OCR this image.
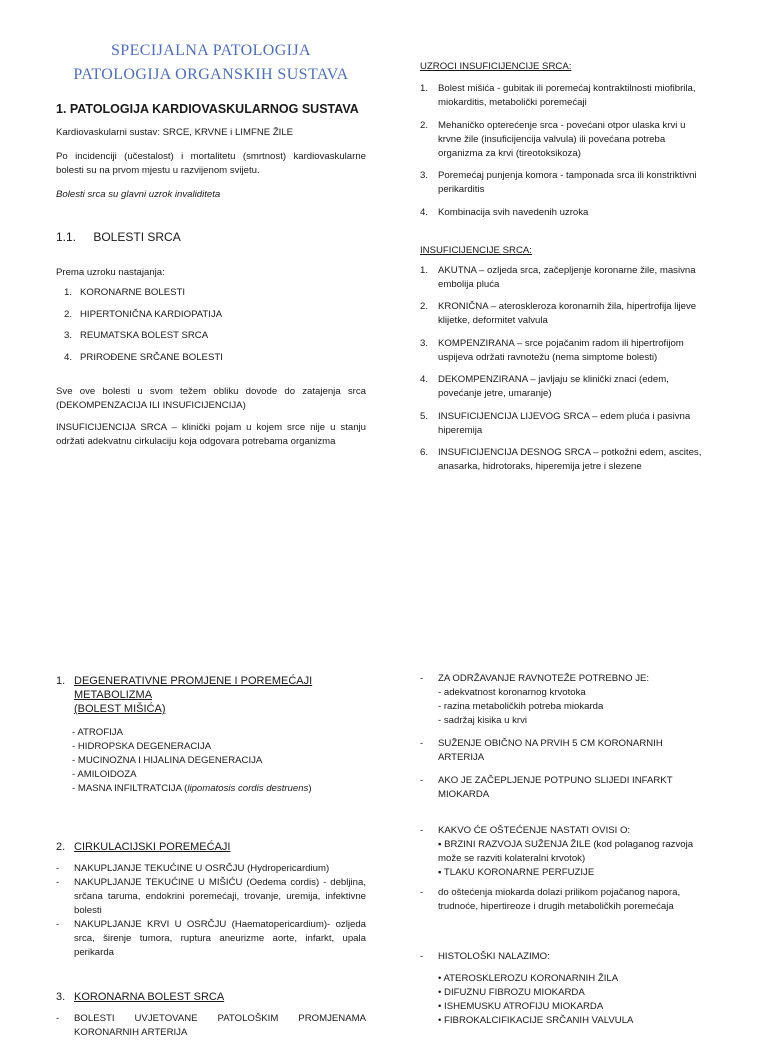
SPECIJALNA PATOLOGIJA
PATOLOGIJA ORGANSKIH SUSTAVA
1. PATOLOGIJA KARDIOVASKULARNOG SUSTAVA
Kardiovaskularni sustav: SRCE, KRVNE i LIMFNE ŽILE
Po incidenciji (učestalost) i mortalitetu (smrtnost) kardiovaskularne bolesti su na prvom mjestu u razvijenom svijetu.
Bolesti srca su glavni uzrok invaliditeta
1.1. BOLESTI SRCA
Prema uzroku nastajanja:
1. KORONARNE BOLESTI
2. HIPERTONIČNA KARDIOPATIJA
3. REUMATSKA BOLEST SRCA
4. PRIROĐENE SRČANE BOLESTI
Sve ove bolesti u svom težem obliku dovode do zatajenja srca (DEKOMPENZACIJA ILI INSUFICIJENCIJA)
INSUFICIJENCIJA SRCA – klinički pojam u kojem srce nije u stanju održati adekvatnu cirkulaciju koja odgovara potrebama organizma
UZROCI INSUFICIJENCIJE SRCA:
1. Bolest mišića - gubitak ili poremećaj kontraktilnosti miofibrila, miokarditis, metabolički poremećaji
2. Mehaničko opterećenje srca - povećani otpor ulaska krvi u krvne žile (insuficijencija valvula) ili povećana potreba organizma za krvi (tireotoksikoza)
3. Poremećaj punjenja komora - tamponada srca ili konstriktivni perikarditis
4. Kombinacija svih navedenih uzroka
INSUFICIJENCIJE SRCA:
1. AKUTNA – ozljeda srca, začepljenje koronarne žile, masivna embolija pluća
2. KRONIČNA – ateroskleroza koronarnih žila, hipertrofija lijeve klijetke, deformitet valvula
3. KOMPENZIRANA – srce pojačanim radom ili hipertrofijom uspijeva održati ravnotežu (nema simptome bolesti)
4. DEKOMPENZIRANA – javljaju se klinički znaci (edem, povećanje jetre, umaranje)
5. INSUFICIJENCIJA LIJEVOG SRCA – edem pluća i pasivna hiperemija
6. INSUFICIJENCIJA DESNOG SRCA – potkožni edem, ascites, anasarka, hidrotoraks, hiperemija jetre i slezene
1. DEGENERATIVNE PROMJENE I POREMEĆAJI METABOLIZMA
(BOLEST MIŠIĆA)
- ATROFIJA
- HIDROPSKA DEGENERACIJA
- MUCINOZNA I HIJALINA DEGENERACIJA
- AMILOIDOZA
- MASNA INFILTRATCIJA (lipomatosis cordis destruens)
2. CIRKULACIJSKI POREMEĆAJI
- NAKUPLJANJE TEKUĆINE U OSRČJU (Hydropericardium)
- NAKUPLJANJE TEKUĆINE U MIŠIĆU (Oedema cordis) - debljina, srčana taruma, endokrini poremećaji, trovanje, uremija, infektivne bolesti
- NAKUPLJANJE KRVI U OSRČJU (Haematopericardium)- ozljeda srca, širenje tumora, ruptura aneurizme aorte, infarkt, upala perikarda
3. KORONARNA BOLEST SRCA
- BOLESTI UVJETOVANE PATOLOŠKIM PROMJENAMA KORONARNIH ARTERIJA
- ZA ODRŽAVANJE RAVNOTEŽE POTREBNO JE:
- adekvatnost koronarnog krvotoka
- razina metaboličkih potreba miokarda
- sadržaj kisika u krvi
- SUŽENJE OBIČNO NA PRVIH 5 CM KORONARNIH ARTERIJA
- AKO JE ZAČEPLJENJE POTPUNO SLIJEDI INFARKT MIOKARDA
- KAKVO ĆE OŠTEĆENJE NASTATI OVISI O:
▪ BRZINI RAZVOJA SUŽENJA ŽILE (kod polaganog razvoja može se razviti kolateralni krvotok)
▪ TLAKU KORONARNE PERFUZIJE
- do oštećenja miokarda dolazi prilikom pojačanog napora, trudnoće, hipertireoze i drugih metaboličkih poremećaja
- HISTOLOŠKI NALAZIMO:
• ATEROSKLEROZU KORONARNIH ŽILA
• DIFUZNU FIBROZU MIOKARDA
• ISHEMUSKU ATROFIJU MIOKARDA
• FIBROKALCIFIKACIJE SRČANIH VALVULA
